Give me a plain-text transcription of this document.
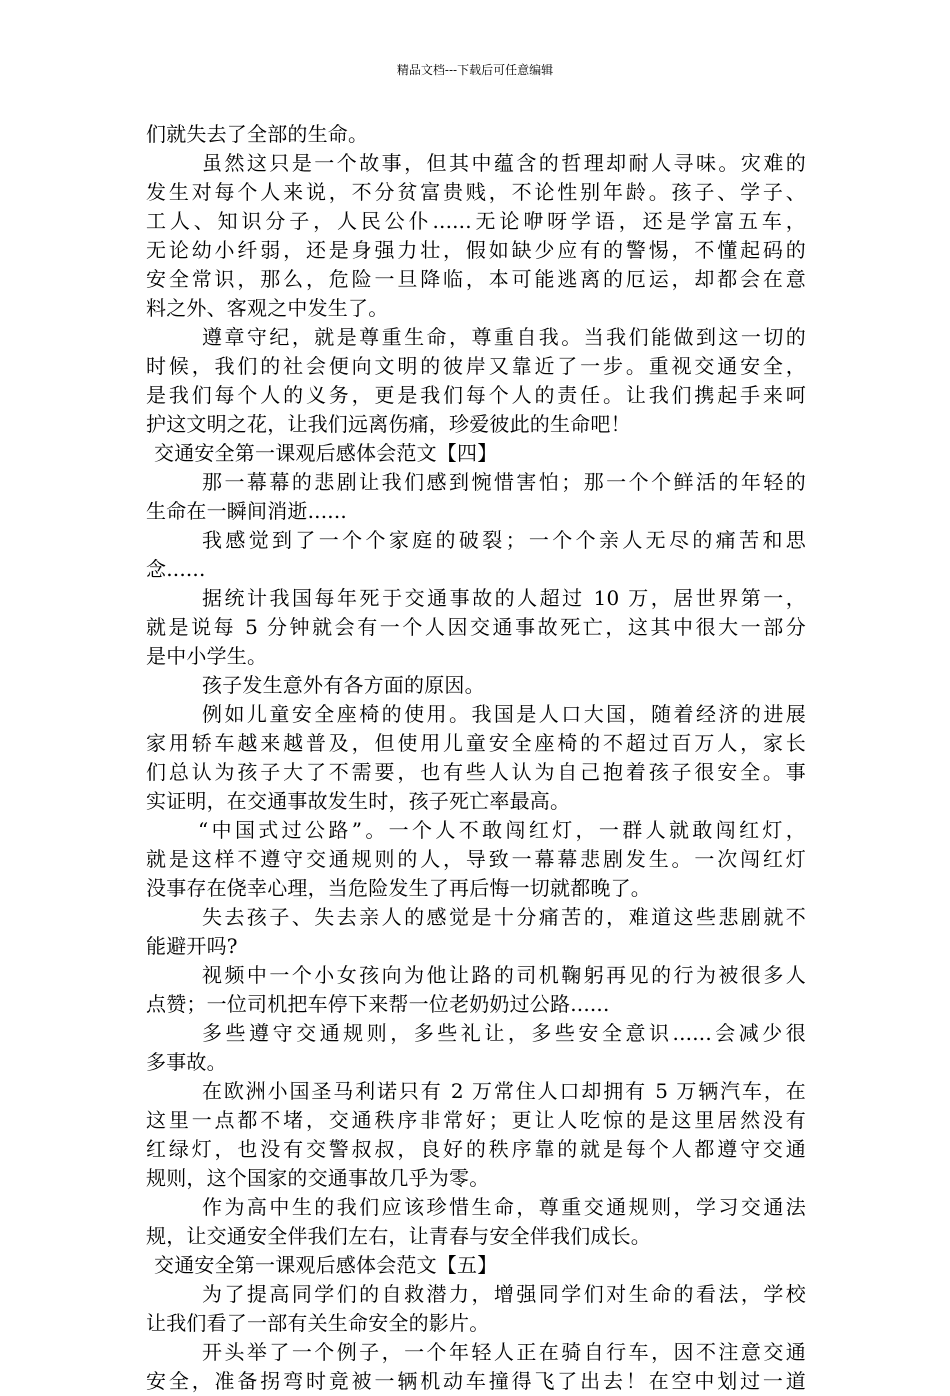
精品文档---下载后可任意编辑
们就失去了全部的生命。
虽然这只是一个故事，但其中蕴含的哲理却耐人寻味。灾难的
发生对每个人来说，不分贫富贵贱，不论性别年龄。孩子、学子、
工人、知识分子，人民公仆......无论咿呀学语，还是学富五车，
无论幼小纤弱，还是身强力壮，假如缺少应有的警惕，不懂起码的
安全常识，那么，危险一旦降临，本可能逃离的厄运，却都会在意
料之外、客观之中发生了。
遵章守纪，就是尊重生命，尊重自我。当我们能做到这一切的
时候，我们的社会便向文明的彼岸又靠近了一步。重视交通安全，
是我们每个人的义务，更是我们每个人的责任。让我们携起手来呵
护这文明之花，让我们远离伤痛，珍爱彼此的生命吧！
交通安全第一课观后感体会范文【四】
那一幕幕的悲剧让我们感到惋惜害怕；那一个个鲜活的年轻的
生命在一瞬间消逝......
我感觉到了一个个家庭的破裂；一个个亲人无尽的痛苦和思
念......
据统计我国每年死于交通事故的人超过 10 万，居世界第一，
就是说每 5 分钟就会有一个人因交通事故死亡，这其中很大一部分
是中小学生。
孩子发生意外有各方面的原因。
例如儿童安全座椅的使用。我国是人口大国，随着经济的进展
家用轿车越来越普及，但使用儿童安全座椅的不超过百万人，家长
们总认为孩子大了不需要，也有些人认为自己抱着孩子很安全。事
实证明，在交通事故发生时，孩子死亡率最高。
“中国式过公路”。一个人不敢闯红灯，一群人就敢闯红灯，
就是这样不遵守交通规则的人，导致一幕幕悲剧发生。一次闯红灯
没事存在侥幸心理，当危险发生了再后悔一切就都晚了。
失去孩子、失去亲人的感觉是十分痛苦的，难道这些悲剧就不
能避开吗?
视频中一个小女孩向为他让路的司机鞠躬再见的行为被很多人
点赞；一位司机把车停下来帮一位老奶奶过公路......
多些遵守交通规则，多些礼让，多些安全意识......会减少很
多事故。
在欧洲小国圣马利诺只有 2 万常住人口却拥有 5 万辆汽车，在
这里一点都不堵，交通秩序非常好；更让人吃惊的是这里居然没有
红绿灯，也没有交警叔叔，良好的秩序靠的就是每个人都遵守交通
规则，这个国家的交通事故几乎为零。
作为高中生的我们应该珍惜生命，尊重交通规则，学习交通法
规，让交通安全伴我们左右，让青春与安全伴我们成长。
交通安全第一课观后感体会范文【五】
为了提高同学们的自救潜力，增强同学们对生命的看法，学校
让我们看了一部有关生命安全的影片。
开头举了一个例子，一个年轻人正在骑自行车，因不注意交通
安全，准备拐弯时竟被一辆机动车撞得飞了出去！在空中划过一道
